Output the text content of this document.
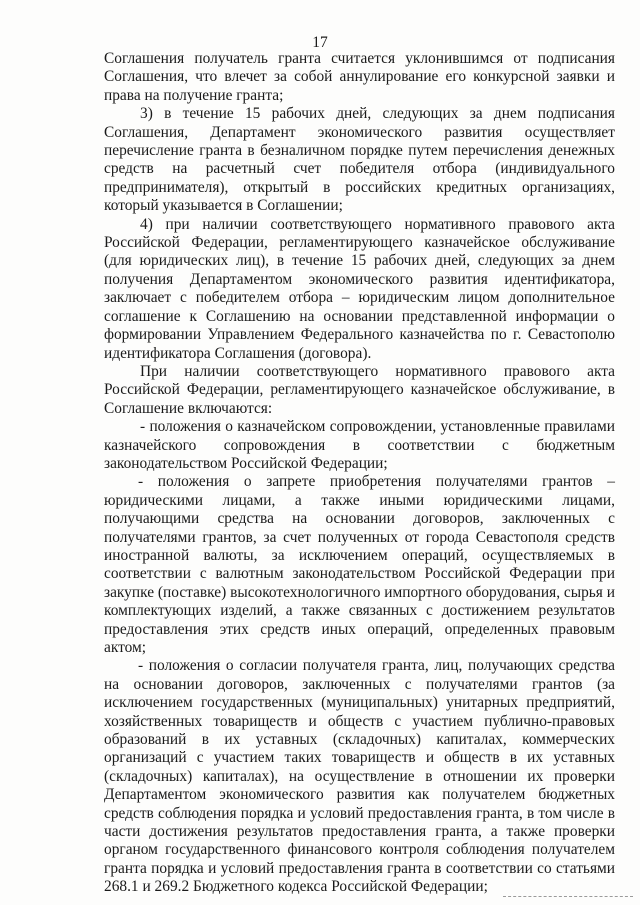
17

Соглашения получатель гранта считается уклонившимся от подписания Соглашения, что влечет за собой аннулирование его конкурсной заявки и права на получение гранта;

3) в течение 15 рабочих дней, следующих за днем подписания Соглашения, Департамент экономического развития осуществляет перечисление гранта в безналичном порядке путем перечисления денежных средств на расчетный счет победителя отбора (индивидуального предпринимателя), открытый в российских кредитных организациях, который указывается в Соглашении;

4) при наличии соответствующего нормативного правового акта Российской Федерации, регламентирующего казначейское обслуживание (для юридических лиц), в течение 15 рабочих дней, следующих за днем получения Департаментом экономического развития идентификатора, заключает с победителем отбора – юридическим лицом дополнительное соглашение к Соглашению на основании представленной информации о формировании Управлением Федерального казначейства по г. Севастополю идентификатора Соглашения (договора).

При наличии соответствующего нормативного правового акта Российской Федерации, регламентирующего казначейское обслуживание, в Соглашение включаются:

- положения о казначейском сопровождении, установленные правилами казначейского сопровождения в соответствии с бюджетным законодательством Российской Федерации;

- положения о запрете приобретения получателями грантов – юридическими лицами, а также иными юридическими лицами, получающими средства на основании договоров, заключенных с получателями грантов, за счет полученных от города Севастополя средств иностранной валюты, за исключением операций, осуществляемых в соответствии с валютным законодательством Российской Федерации при закупке (поставке) высокотехнологичного импортного оборудования, сырья и комплектующих изделий, а также связанных с достижением результатов предоставления этих средств иных операций, определенных правовым актом;

- положения о согласии получателя гранта, лиц, получающих средства на основании договоров, заключенных с получателями грантов (за исключением государственных (муниципальных) унитарных предприятий, хозяйственных товариществ и обществ с участием публично-правовых образований в их уставных (складочных) капиталах, коммерческих организаций с участием таких товариществ и обществ в их уставных (складочных) капиталах), на осуществление в отношении их проверки Департаментом экономического развития как получателем бюджетных средств соблюдения порядка и условий предоставления гранта, в том числе в части достижения результатов предоставления гранта, а также проверки органом государственного финансового контроля соблюдения получателем гранта порядка и условий предоставления гранта в соответствии со статьями 268.1 и 269.2 Бюджетного кодекса Российской Федерации;
